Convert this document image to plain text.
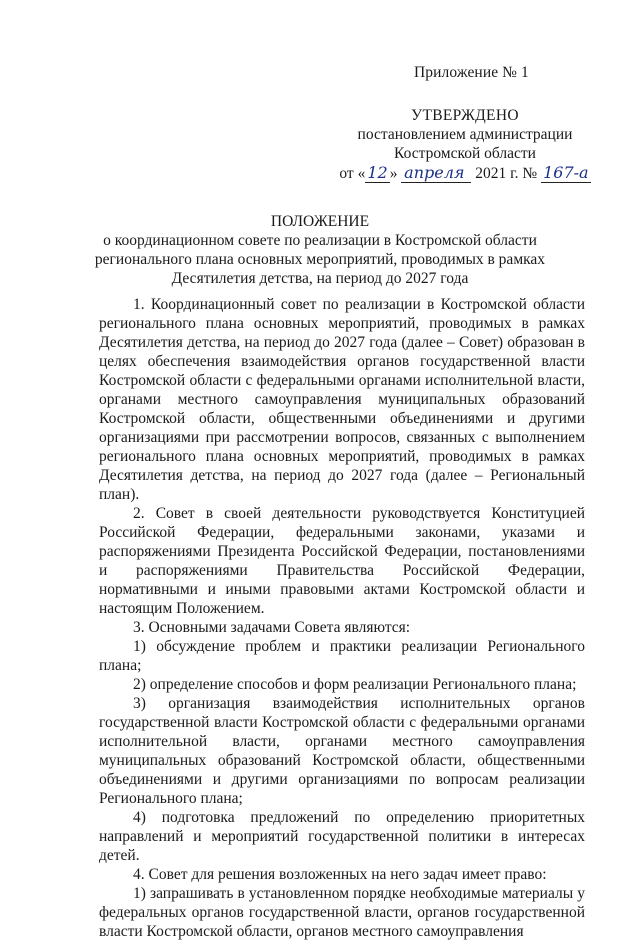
Приложение № 1
УТВЕРЖДЕНО
постановлением администрации
Костромской области
от « 12 » апреля 2021 г. № 167-а
ПОЛОЖЕНИЕ
о координационном совете по реализации в Костромской области
регионального плана основных мероприятий, проводимых в рамках
Десятилетия детства, на период до 2027 года

1. Координационный совет по реализации в Костромской области регионального плана основных мероприятий, проводимых в рамках Десятилетия детства, на период до 2027 года (далее – Совет) образован в целях обеспечения взаимодействия органов государственной власти Костромской области с федеральными органами исполнительной власти, органами местного самоуправления муниципальных образований Костромской области, общественными объединениями и другими организациями при рассмотрении вопросов, связанных с выполнением регионального плана основных мероприятий, проводимых в рамках Десятилетия детства, на период до 2027 года (далее – Региональный план).

2. Совет в своей деятельности руководствуется Конституцией Российской Федерации, федеральными законами, указами и распоряжениями Президента Российской Федерации, постановлениями и распоряжениями Правительства Российской Федерации, нормативными и иными правовыми актами Костромской области и настоящим Положением.

3. Основными задачами Совета являются:

1) обсуждение проблем и практики реализации Регионального плана;

2) определение способов и форм реализации Регионального плана;

3) организация взаимодействия исполнительных органов государственной власти Костромской области с федеральными органами исполнительной власти, органами местного самоуправления муниципальных образований Костромской области, общественными объединениями и другими организациями по вопросам реализации Регионального плана;

4) подготовка предложений по определению приоритетных направлений и мероприятий государственной политики в интересах детей.

4. Совет для решения возложенных на него задач имеет право:

1) запрашивать в установленном порядке необходимые материалы у федеральных органов государственной власти, органов государственной власти Костромской области, органов местного самоуправления
